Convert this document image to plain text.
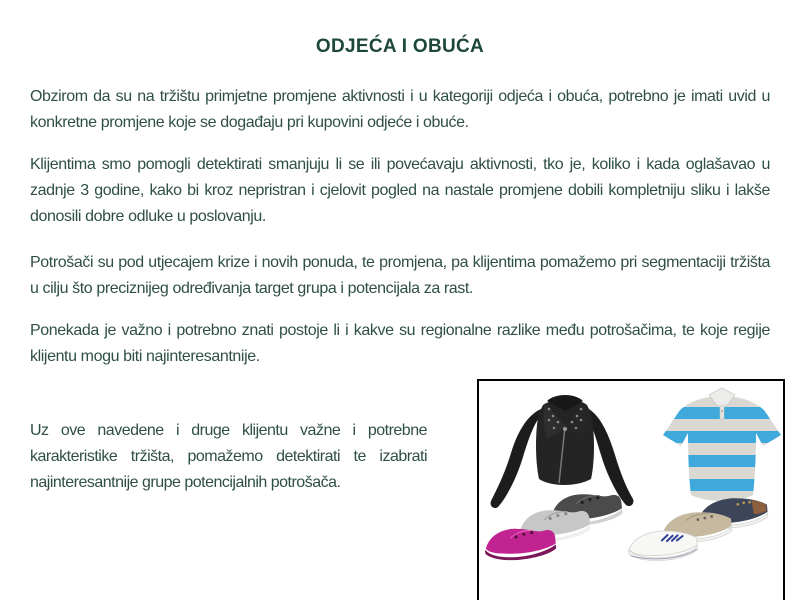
ODJEĆA I OBUĆA

Obzirom da su na tržištu primjetne promjene aktivnosti i u kategoriji odjeća i obuća, potrebno je imati uvid u konkretne promjene koje se događaju pri kupovini odjeće i obuće.

Klijentima smo pomogli detektirati smanjuju li se ili povećavaju aktivnosti, tko je, koliko i kada oglašavao u zadnje 3 godine, kako bi kroz nepristran i cjelovit pogled na nastale promjene dobili kompletniju sliku i lakše donosili dobre odluke u poslovanju.

Potrošači su pod utjecajem krize i novih ponuda, te promjena, pa klijentima pomažemo pri segmentaciji tržišta u cilju što preciznijeg određivanja target grupa i potencijala za rast.

Ponekada je važno i potrebno znati postoje li i kakve su regionalne razlike među potrošačima, te koje regije klijentu mogu biti najinteresantnije.

Uz ove navedene i druge klijentu važne i potrebne karakteristike tržišta, pomažemo detektirati te izabrati najinteresantnije grupe potencijalnih potrošača.
